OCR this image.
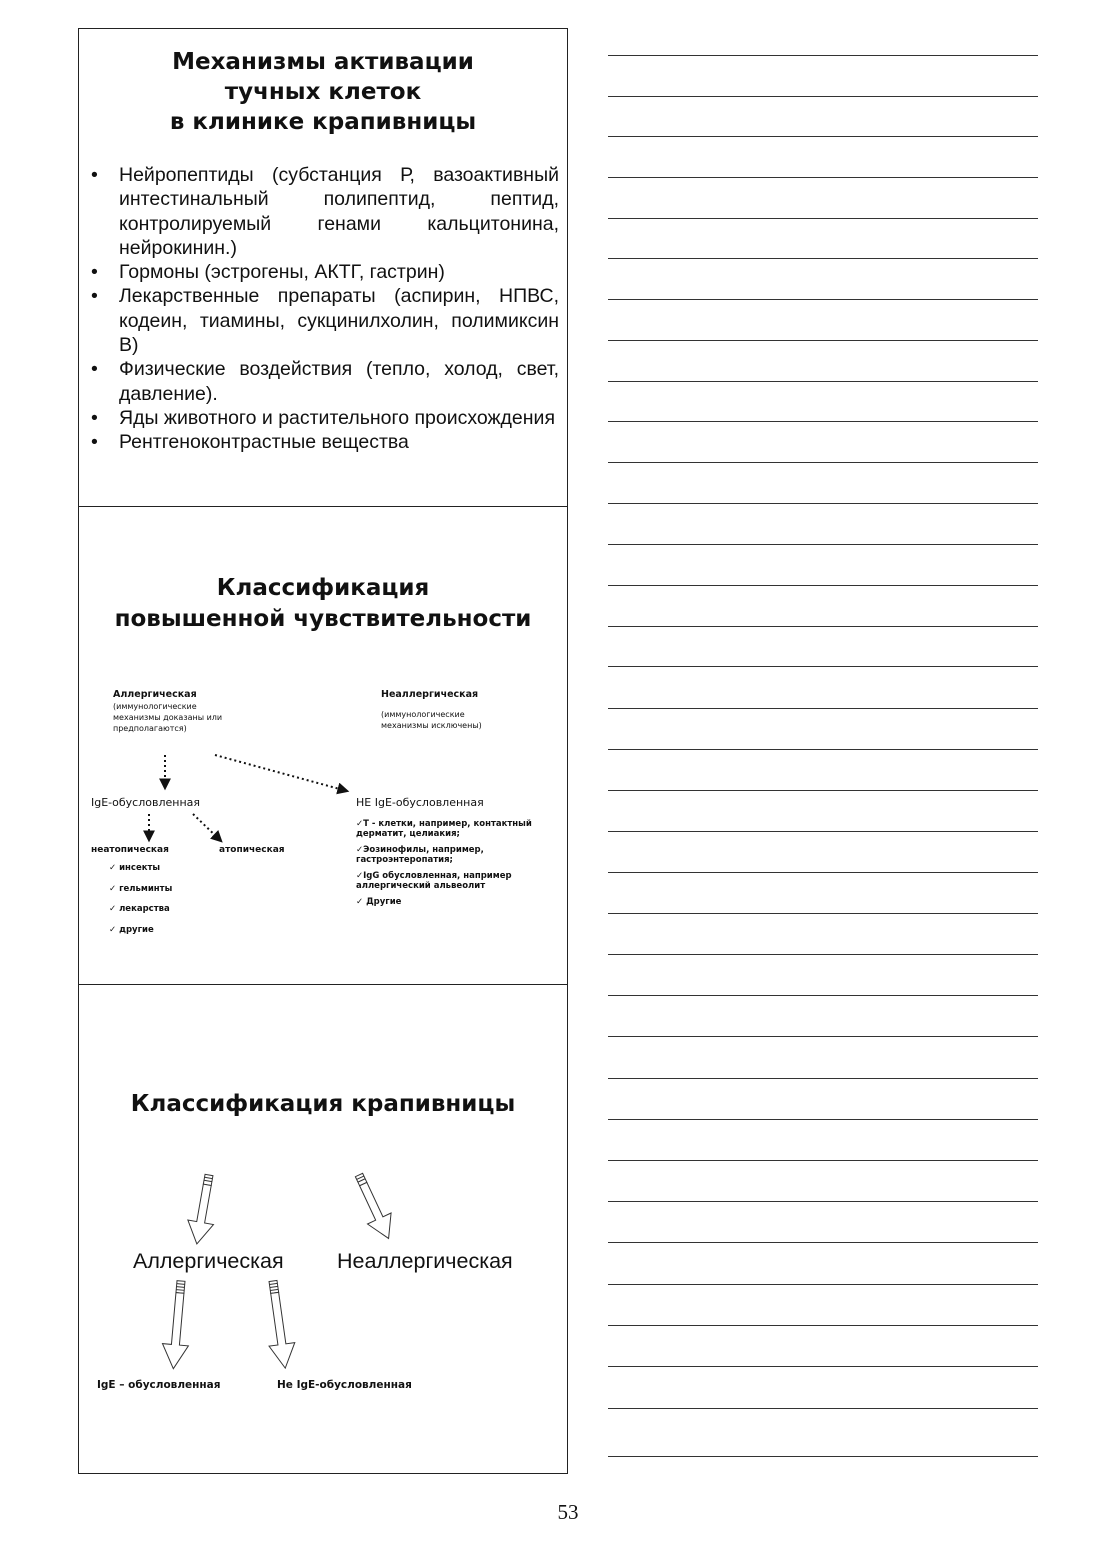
Механизмы активации
тучных клеток
в клинике крапивницы
• Нейропептиды (субстанция Р, вазоактивный интестинальный полипептид, пептид, контролируемый генами кальцитонина, нейрокинин.)
• Гормоны (эстрогены, АКТГ, гастрин)
• Лекарственные препараты (аспирин, НПВС, кодеин, тиамины, сукцинилхолин, полимиксин В)
• Физические воздействия (тепло, холод, свет, давление).
• Яды животного и растительного происхождения
• Рентгеноконтрастные вещества
Классификация
повышенной чувствительности
Аллергическая
(иммунологические
механизмы доказаны или
предполагаются)
Неаллергическая
(иммунологические
механизмы исключены)
IgE-обусловленная	НЕ IgE-обусловленная
неатопическая	атопическая
✓ инсекты
✓ гельминты
✓ лекарства
✓ другие
✓Т - клетки, например, контактный
дерматит, целиакия;
✓Эозинофилы, например,
гастроэнтеропатия;
✓IgG обусловленная, например
аллергический альвеолит
✓ Другие
Классификация крапивницы
Аллергическая Неаллергическая
IgE – обусловленная	Не IgE-обусловленная
53
